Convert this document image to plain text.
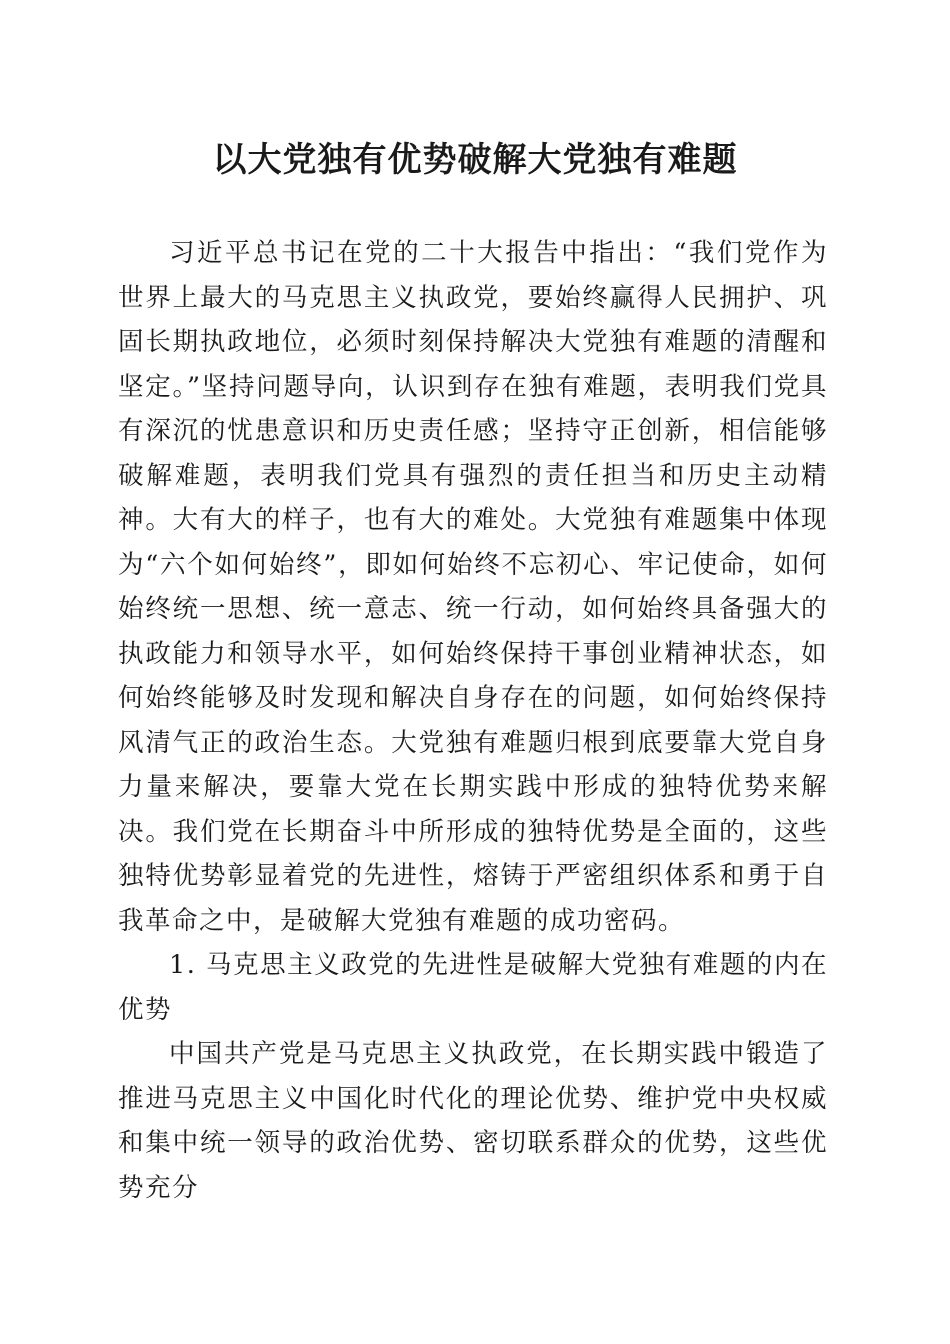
以大党独有优势破解大党独有难题

习近平总书记在党的二十大报告中指出：“我们党作为世界上最大的马克思主义执政党，要始终赢得人民拥护、巩固长期执政地位，必须时刻保持解决大党独有难题的清醒和坚定。”坚持问题导向，认识到存在独有难题，表明我们党具有深沉的忧患意识和历史责任感；坚持守正创新，相信能够破解难题，表明我们党具有强烈的责任担当和历史主动精神。大有大的样子，也有大的难处。大党独有难题集中体现为“六个如何始终”，即如何始终不忘初心、牢记使命，如何始终统一思想、统一意志、统一行动，如何始终具备强大的执政能力和领导水平，如何始终保持干事创业精神状态，如何始终能够及时发现和解决自身存在的问题，如何始终保持风清气正的政治生态。大党独有难题归根到底要靠大党自身力量来解决，要靠大党在长期实践中形成的独特优势来解决。我们党在长期奋斗中所形成的独特优势是全面的，这些独特优势彰显着党的先进性，熔铸于严密组织体系和勇于自我革命之中，是破解大党独有难题的成功密码。

1. 马克思主义政党的先进性是破解大党独有难题的内在优势

中国共产党是马克思主义执政党，在长期实践中锻造了推进马克思主义中国化时代化的理论优势、维护党中央权威和集中统一领导的政治优势、密切联系群众的优势，这些优势充分
